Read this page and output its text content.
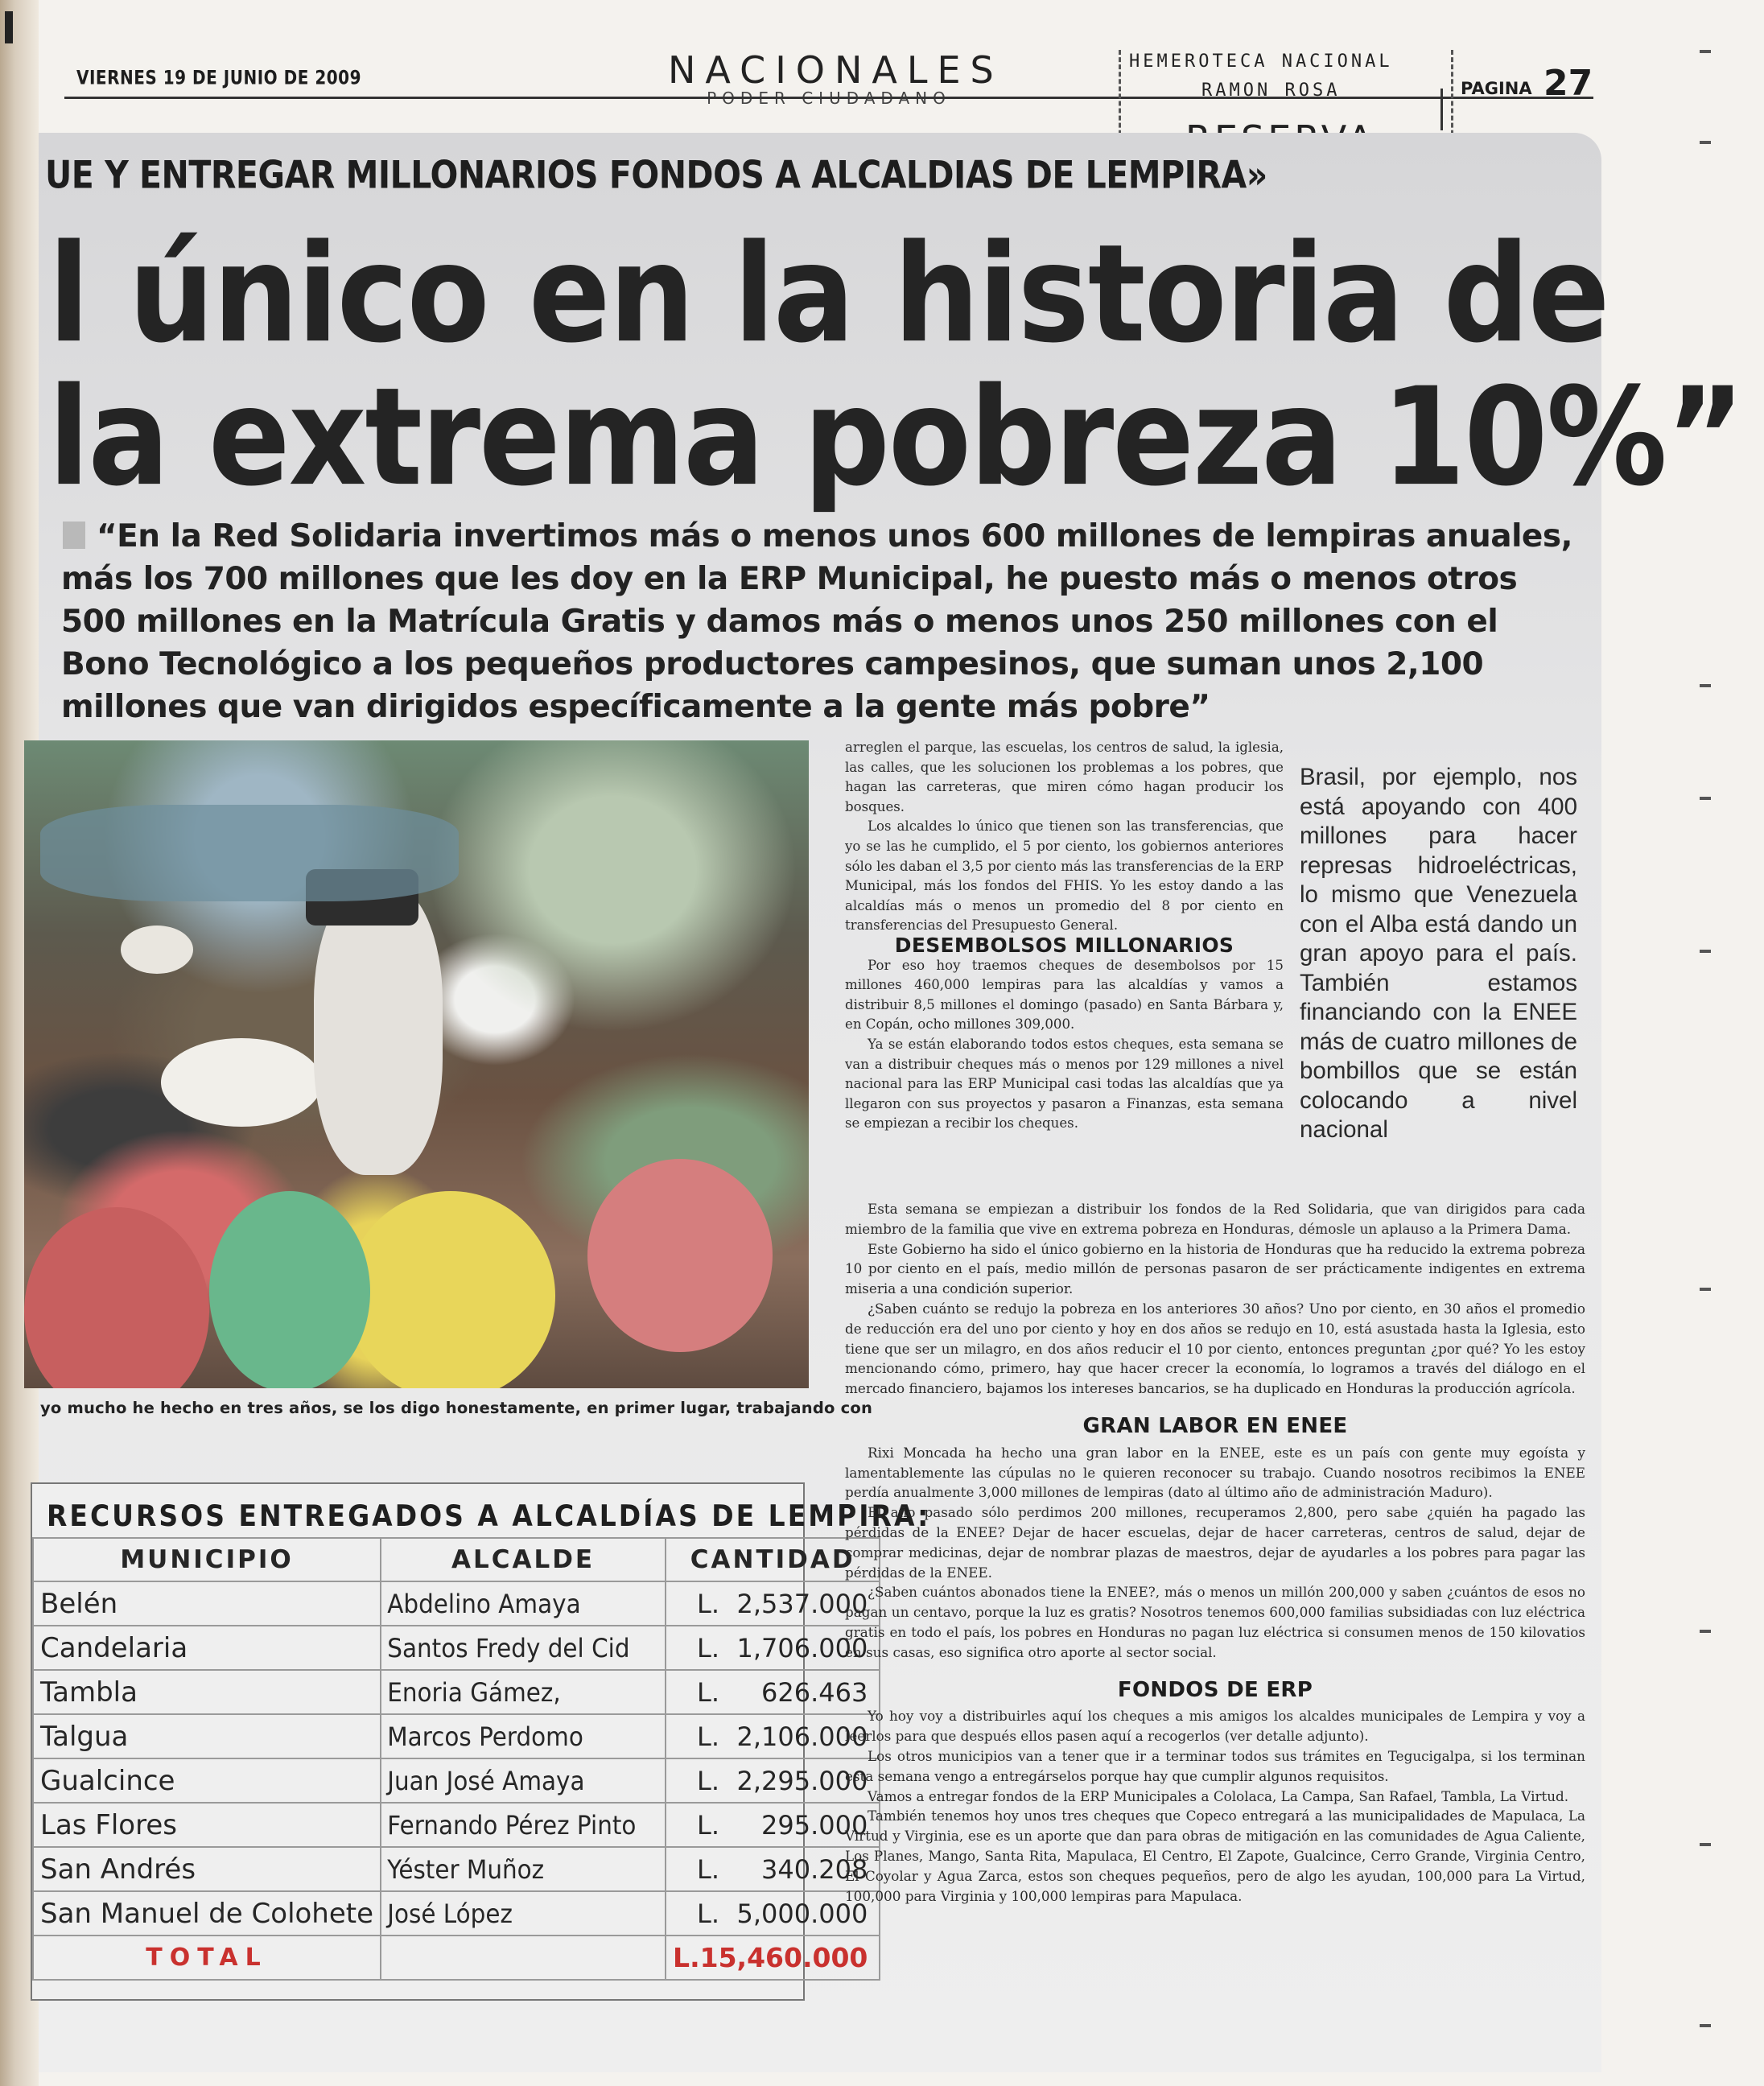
VIERNES 19 DE JUNIO DE 2009	NACIONALES
PODER CIUDADANO
HEMEROTECA NACIONAL
RAMON ROSA	PAGINA 27
UE Y ENTREGAR MILLONARIOS FONDOS A ALCALDIAS DE LEMPIRA»
l único en la historia de
la extrema pobreza 10%”
“En la Red Solidaria invertimos más o menos unos 600 millones de lempiras anuales, más los 700 millones que les doy en la ERP Municipal, he puesto más o menos otros 500 millones en la Matrícula Gratis y damos más o menos unos 250 millones con el Bono Tecnológico a los pequeños productores campesinos, que suman unos 2,100 millones que van dirigidos específicamente a la gente más pobre”
yo mucho he hecho en tres años, se los digo honestamente, en primer lugar, trabajando con
RECURSOS ENTREGADOS A ALCALDÍAS DE LEMPIRA:
MUNICIPIO	ALCALDE	CANTIDAD
Belén	Abdelino Amaya	L. 2,537.000
Candelaria	Santos Fredy del Cid	L. 1,706.000
Tambla	Enoria Gámez,	L. 626.463
Talgua	Marcos Perdomo	L. 2,106.000
Gualcince	Juan José Amaya	L. 2,295.000
Las Flores	Fernando Pérez Pinto	L. 295.000
San Andrés	Yéster Muñoz	L. 340.208
San Manuel de Colohete	José López	L. 5,000.000
TOTAL		L.15,460.000

arreglen el parque, las escuelas, los centros de salud, la iglesia, las calles, que les solucionen los problemas a los pobres, que hagan las carreteras, que miren cómo hagan producir los bosques.

Los alcaldes lo único que tienen son las transferencias, que yo se las he cumplido, el 5 por ciento, los gobiernos anteriores sólo les daban el 3,5 por ciento más las transferencias de la ERP Municipal, más los fondos del FHIS. Yo les estoy dando a las alcaldías más o menos un promedio del 8 por ciento en transferencias del Presupuesto General.

DESEMBOLSOS MILLONARIOS

Por eso hoy traemos cheques de desembolsos por 15 millones 460,000 lempiras para las alcaldías y vamos a distribuir 8,5 millones el domingo (pasado) en Santa Bárbara y, en Copán, ocho millones 309,000.

Ya se están elaborando todos estos cheques, esta semana se van a distribuir cheques más o menos por 129 millones a nivel nacional para las ERP Municipal casi todas las alcaldías que ya llegaron con sus proyectos y pasaron a Finanzas, esta semana se empiezan a recibir los cheques.

Brasil, por ejemplo, nos está apoyando con 400 millones para hacer represas hidroeléctricas, lo mismo que Venezuela con el Alba está dando un gran apoyo para el país. También estamos financiando con la ENEE más de cuatro millones de bombillos que se están colocando a nivel nacional

Esta semana se empiezan a distribuir los fondos de la Red Solidaria, que van dirigidos para cada miembro de la familia que vive en extrema pobreza en Honduras, démosle un aplauso a la Primera Dama.

Este Gobierno ha sido el único gobierno en la historia de Honduras que ha reducido la extrema pobreza 10 por ciento en el país, medio millón de personas pasaron de ser prácticamente indigentes en extrema miseria a una condición superior.

¿Saben cuánto se redujo la pobreza en los anteriores 30 años? Uno por ciento, en 30 años el promedio de reducción era del uno por ciento y hoy en dos años se redujo en 10, está asustada hasta la Iglesia, esto tiene que ser un milagro, en dos años reducir el 10 por ciento, entonces preguntan ¿por qué? Yo les estoy mencionando cómo, primero, hay que hacer crecer la economía, lo logramos a través del diálogo en el mercado financiero, bajamos los intereses bancarios, se ha duplicado en Honduras la producción agrícola.

GRAN LABOR EN ENEE

Rixi Moncada ha hecho una gran labor en la ENEE, este es un país con gente muy egoísta y lamentablemente las cúpulas no le quieren reconocer su trabajo. Cuando nosotros recibimos la ENEE perdía anualmente 3,000 millones de lempiras (dato al último año de administración Maduro).

El año pasado sólo perdimos 200 millones, recuperamos 2,800, pero sabe ¿quién ha pagado las pérdidas de la ENEE? Dejar de hacer escuelas, dejar de hacer carreteras, centros de salud, dejar de comprar medicinas, dejar de nombrar plazas de maestros, dejar de ayudarles a los pobres para pagar las pérdidas de la ENEE.

¿Saben cuántos abonados tiene la ENEE?, más o menos un millón 200,000 y saben ¿cuántos de esos no pagan un centavo, porque la luz es gratis? Nosotros tenemos 600,000 familias subsidiadas con luz eléctrica gratis en todo el país, los pobres en Honduras no pagan luz eléctrica si consumen menos de 150 kilovatios en sus casas, eso significa otro aporte al sector social.

FONDOS DE ERP

Yo hoy voy a distribuirles aquí los cheques a mis amigos los alcaldes municipales de Lempira y voy a leerlos para que después ellos pasen aquí a recogerlos (ver detalle adjunto).

Los otros municipios van a tener que ir a terminar todos sus trámites en Tegucigalpa, si los terminan esta semana vengo a entregárselos porque hay que cumplir algunos requisitos.

Vamos a entregar fondos de la ERP Municipales a Cololaca, La Campa, San Rafael, Tambla, La Virtud.

También tenemos hoy unos tres cheques que Copeco entregará a las municipalidades de Mapulaca, La Virtud y Virginia, ese es un aporte que dan para obras de mitigación en las comunidades de Agua Caliente, Los Planes, Mango, Santa Rita, Mapulaca, El Centro, El Zapote, Gualcince, Cerro Grande, Virginia Centro, El Coyolar y Agua Zarca, estos son cheques pequeños, pero de algo les ayudan, 100,000 para La Virtud, 100,000 para Virginia y 100,000 lempiras para Mapulaca.
